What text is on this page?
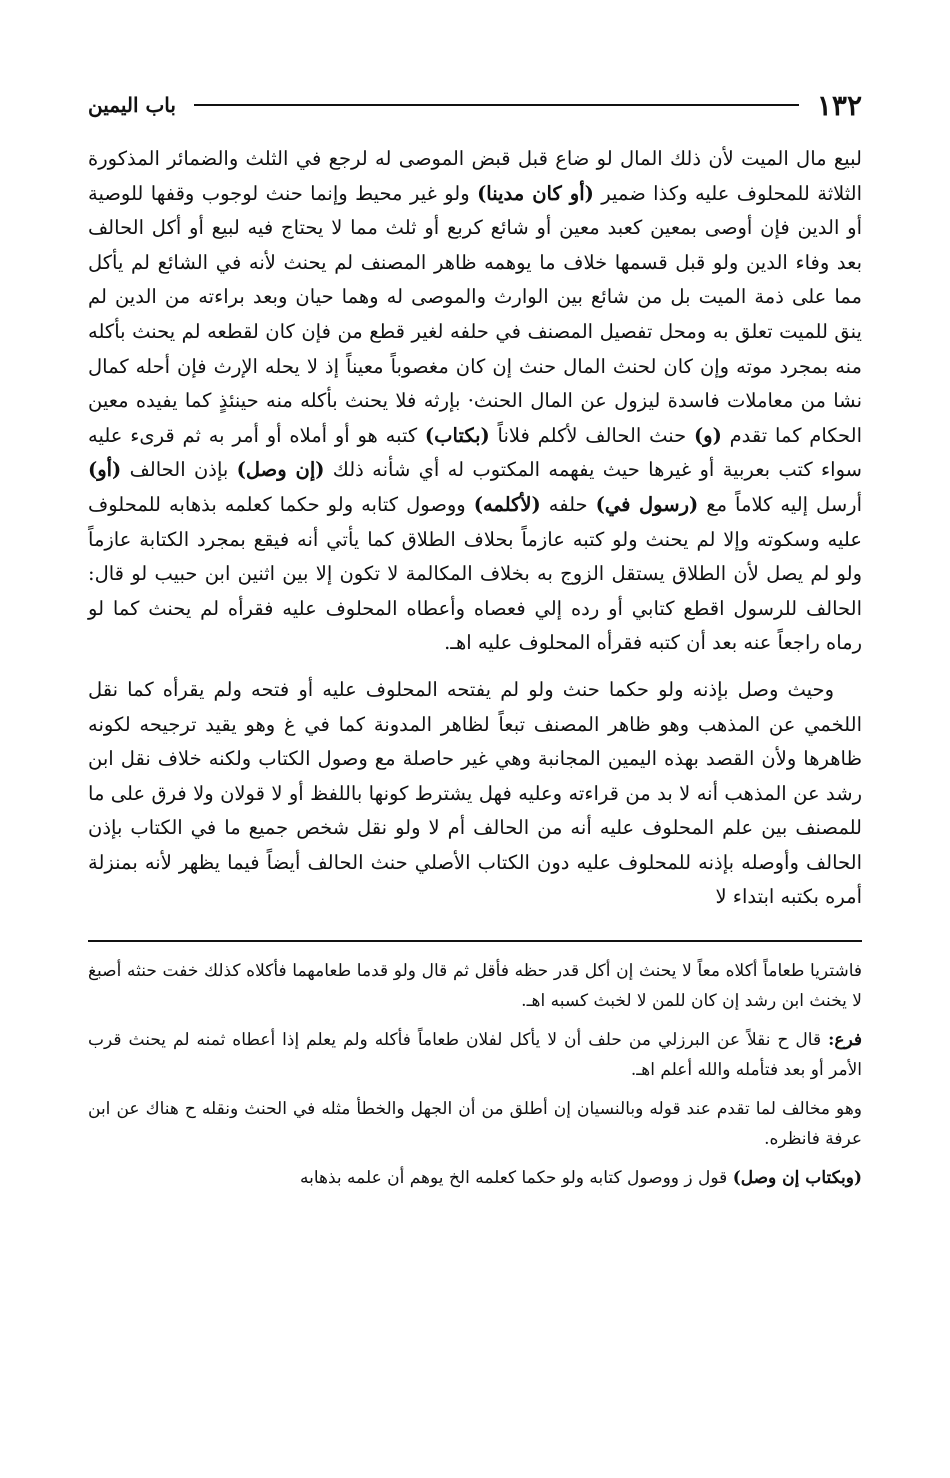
١٣٢
باب اليمين

لبيع مال الميت لأن ذلك المال لو ضاع قبل قبض الموصى له لرجع في الثلث والضمائر المذكورة الثلاثة للمحلوف عليه وكذا ضمير (أو كان مدينا) ولو غير محيط وإنما حنث لوجوب وقفها للوصية أو الدين فإن أوصى بمعين كعبد معين أو شائع كربع أو ثلث مما لا يحتاج فيه لبيع أو أكل الحالف بعد وفاء الدين ولو قبل قسمها خلاف ما يوهمه ظاهر المصنف لم يحنث لأنه في الشائع لم يأكل مما على ذمة الميت بل من شائع بين الوارث والموصى له وهما حيان وبعد براءته من الدين لم ينق للميت تعلق به ومحل تفصيل المصنف في حلفه لغير قطع من فإن كان لقطعه لم يحنث بأكله منه بمجرد موته وإن كان لحنث المال حنث إن كان مغصوباً معيناً إذ لا يحله الإرث فإن أحله كمال نشا من معاملات فاسدة ليزول عن المال الحنث· بإرثه فلا يحنث بأكله منه حينئذٍ كما يفيده معين الحكام كما تقدم (و) حنث الحالف لأكلم فلاناً (بكتاب) كتبه هو أو أملاه أو أمر به ثم قرىء عليه سواء كتب بعربية أو غيرها حيث يفهمه المكتوب له أي شأنه ذلك (إن وصل) بإذن الحالف (أو) أرسل إليه كلاماً مع (رسول في) حلفه (لأكلمه) ووصول كتابه ولو حكما كعلمه بذهابه للمحلوف عليه وسكوته وإلا لم يحنث ولو كتبه عازماً بحلاف الطلاق كما يأتي أنه فيقع بمجرد الكتابة عازماً ولو لم يصل لأن الطلاق يستقل الزوج به بخلاف المكالمة لا تكون إلا بين اثنين ابن حبيب لو قال: الحالف للرسول اقطع كتابي أو رده إلي فعصاه وأعطاه المحلوف عليه فقرأه لم يحنث كما لو رماه راجعاً عنه بعد أن كتبه فقرأه المحلوف عليه اهـ.

وحيث وصل بإذنه ولو حكما حنث ولو لم يفتحه المحلوف عليه أو فتحه ولم يقرأه كما نقل اللخمي عن المذهب وهو ظاهر المصنف تبعاً لظاهر المدونة كما في غ وهو يقيد ترجيحه لكونه ظاهرها ولأن القصد بهذه اليمين المجانبة وهي غير حاصلة مع وصول الكتاب ولكنه خلاف نقل ابن رشد عن المذهب أنه لا بد من قراءته وعليه فهل يشترط كونها باللفظ أو لا قولان ولا فرق على ما للمصنف بين علم المحلوف عليه أنه من الحالف أم لا ولو نقل شخص جميع ما في الكتاب بإذن الحالف وأوصله بإذنه للمحلوف عليه دون الكتاب الأصلي حنث الحالف أيضاً فيما يظهر لأنه بمنزلة أمره بكتبه ابتداء لا

فاشتريا طعاماً أكلاه معاً لا يحنث إن أكل قدر حظه فأقل ثم قال ولو قدما طعامهما فأكلاه كذلك خفت حنثه أصبغ لا يخنث ابن رشد إن كان للمن لا لخبث كسبه اهـ.

فرع: قال ح نقلاً عن البرزلي من حلف أن لا يأكل لفلان طعاماً فأكله ولم يعلم إذا أعطاه ثمنه لم يحنث قرب الأمر أو بعد فتأمله والله أعلم اهـ.

وهو مخالف لما تقدم عند قوله وبالنسيان إن أطلق من أن الجهل والخطأ مثله في الحنث ونقله ح هناك عن ابن عرفة فانظره.

(وبكتاب إن وصل) قول ز ووصول كتابه ولو حكما كعلمه الخ يوهم أن علمه بذهابه
